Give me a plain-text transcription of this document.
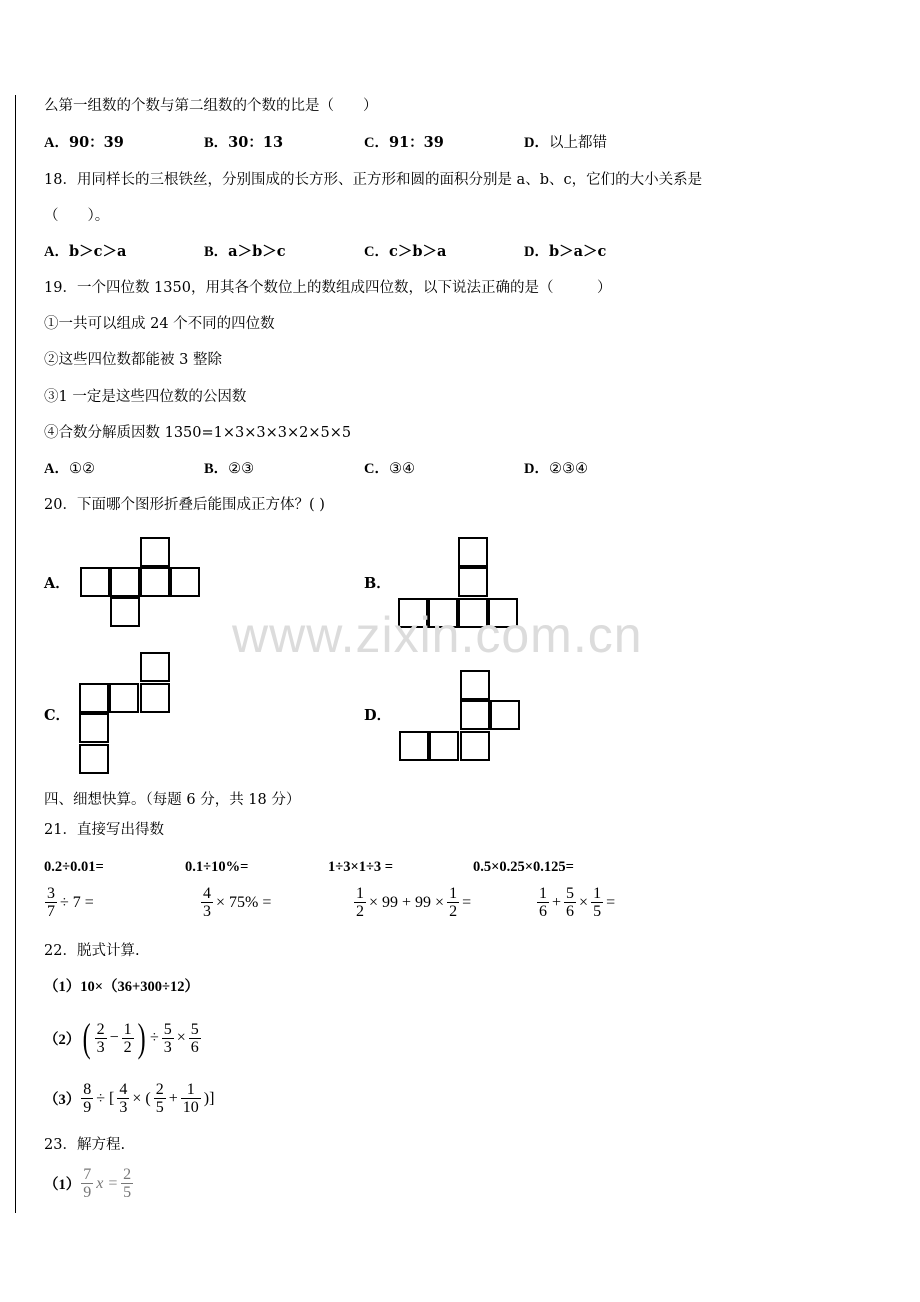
么第一组数的个数与第二组数的个数的比是（　　）
A．90：39	B．30：13	C．91：39	D．以上都错
18．用同样长的三根铁丝，分别围成的长方形、正方形和圆的面积分别是 a、b、c，它们的大小关系是
（　　）。
A．b＞c＞a	B．a＞b＞c	C．c＞b＞a	D．b＞a＞c
19．一个四位数 1350，用其各个数位上的数组成四位数，以下说法正确的是（　　　）
①一共可以组成 24 个不同的四位数
②这些四位数都能被 3 整除
③1 一定是这些四位数的公因数
④合数分解质因数 1350=1×3×3×3×2×5×5
A．①②	B．②③	C．③④	D．②③④
20．下面哪个图形折叠后能围成正方体？( )
A．	B．
C．	D．
www.zixin.com.cn
四、细想快算。（每题 6 分，共 18 分）
21．直接写出得数
0.2÷0.01=	0.1÷10%=	1÷3×1÷3 =	0.5×0.25×0.125=
$\frac{3}{7} \div 7$ =	$\frac{4}{3} \times 75\%$ =	$\frac{1}{2} \times 99 + 99 \times \frac{1}{2}$ =	$\frac{1}{6} + \frac{5}{6} \times \frac{1}{5}$ =
22．脱式计算.
（1）10×（36+300÷12）
（2） ( $\frac{2}{3} - \frac{1}{2}$ ) ÷ $\frac{5}{3} \times \frac{5}{6}$
$(3) \frac{8}{9}$ ÷ [ $\frac{4}{3}$ × ( $\frac{2}{5} + \frac{1}{10}$ )]
23．解方程.
$(1) \frac{7}{9}$ $x = \frac{2}{5}$
